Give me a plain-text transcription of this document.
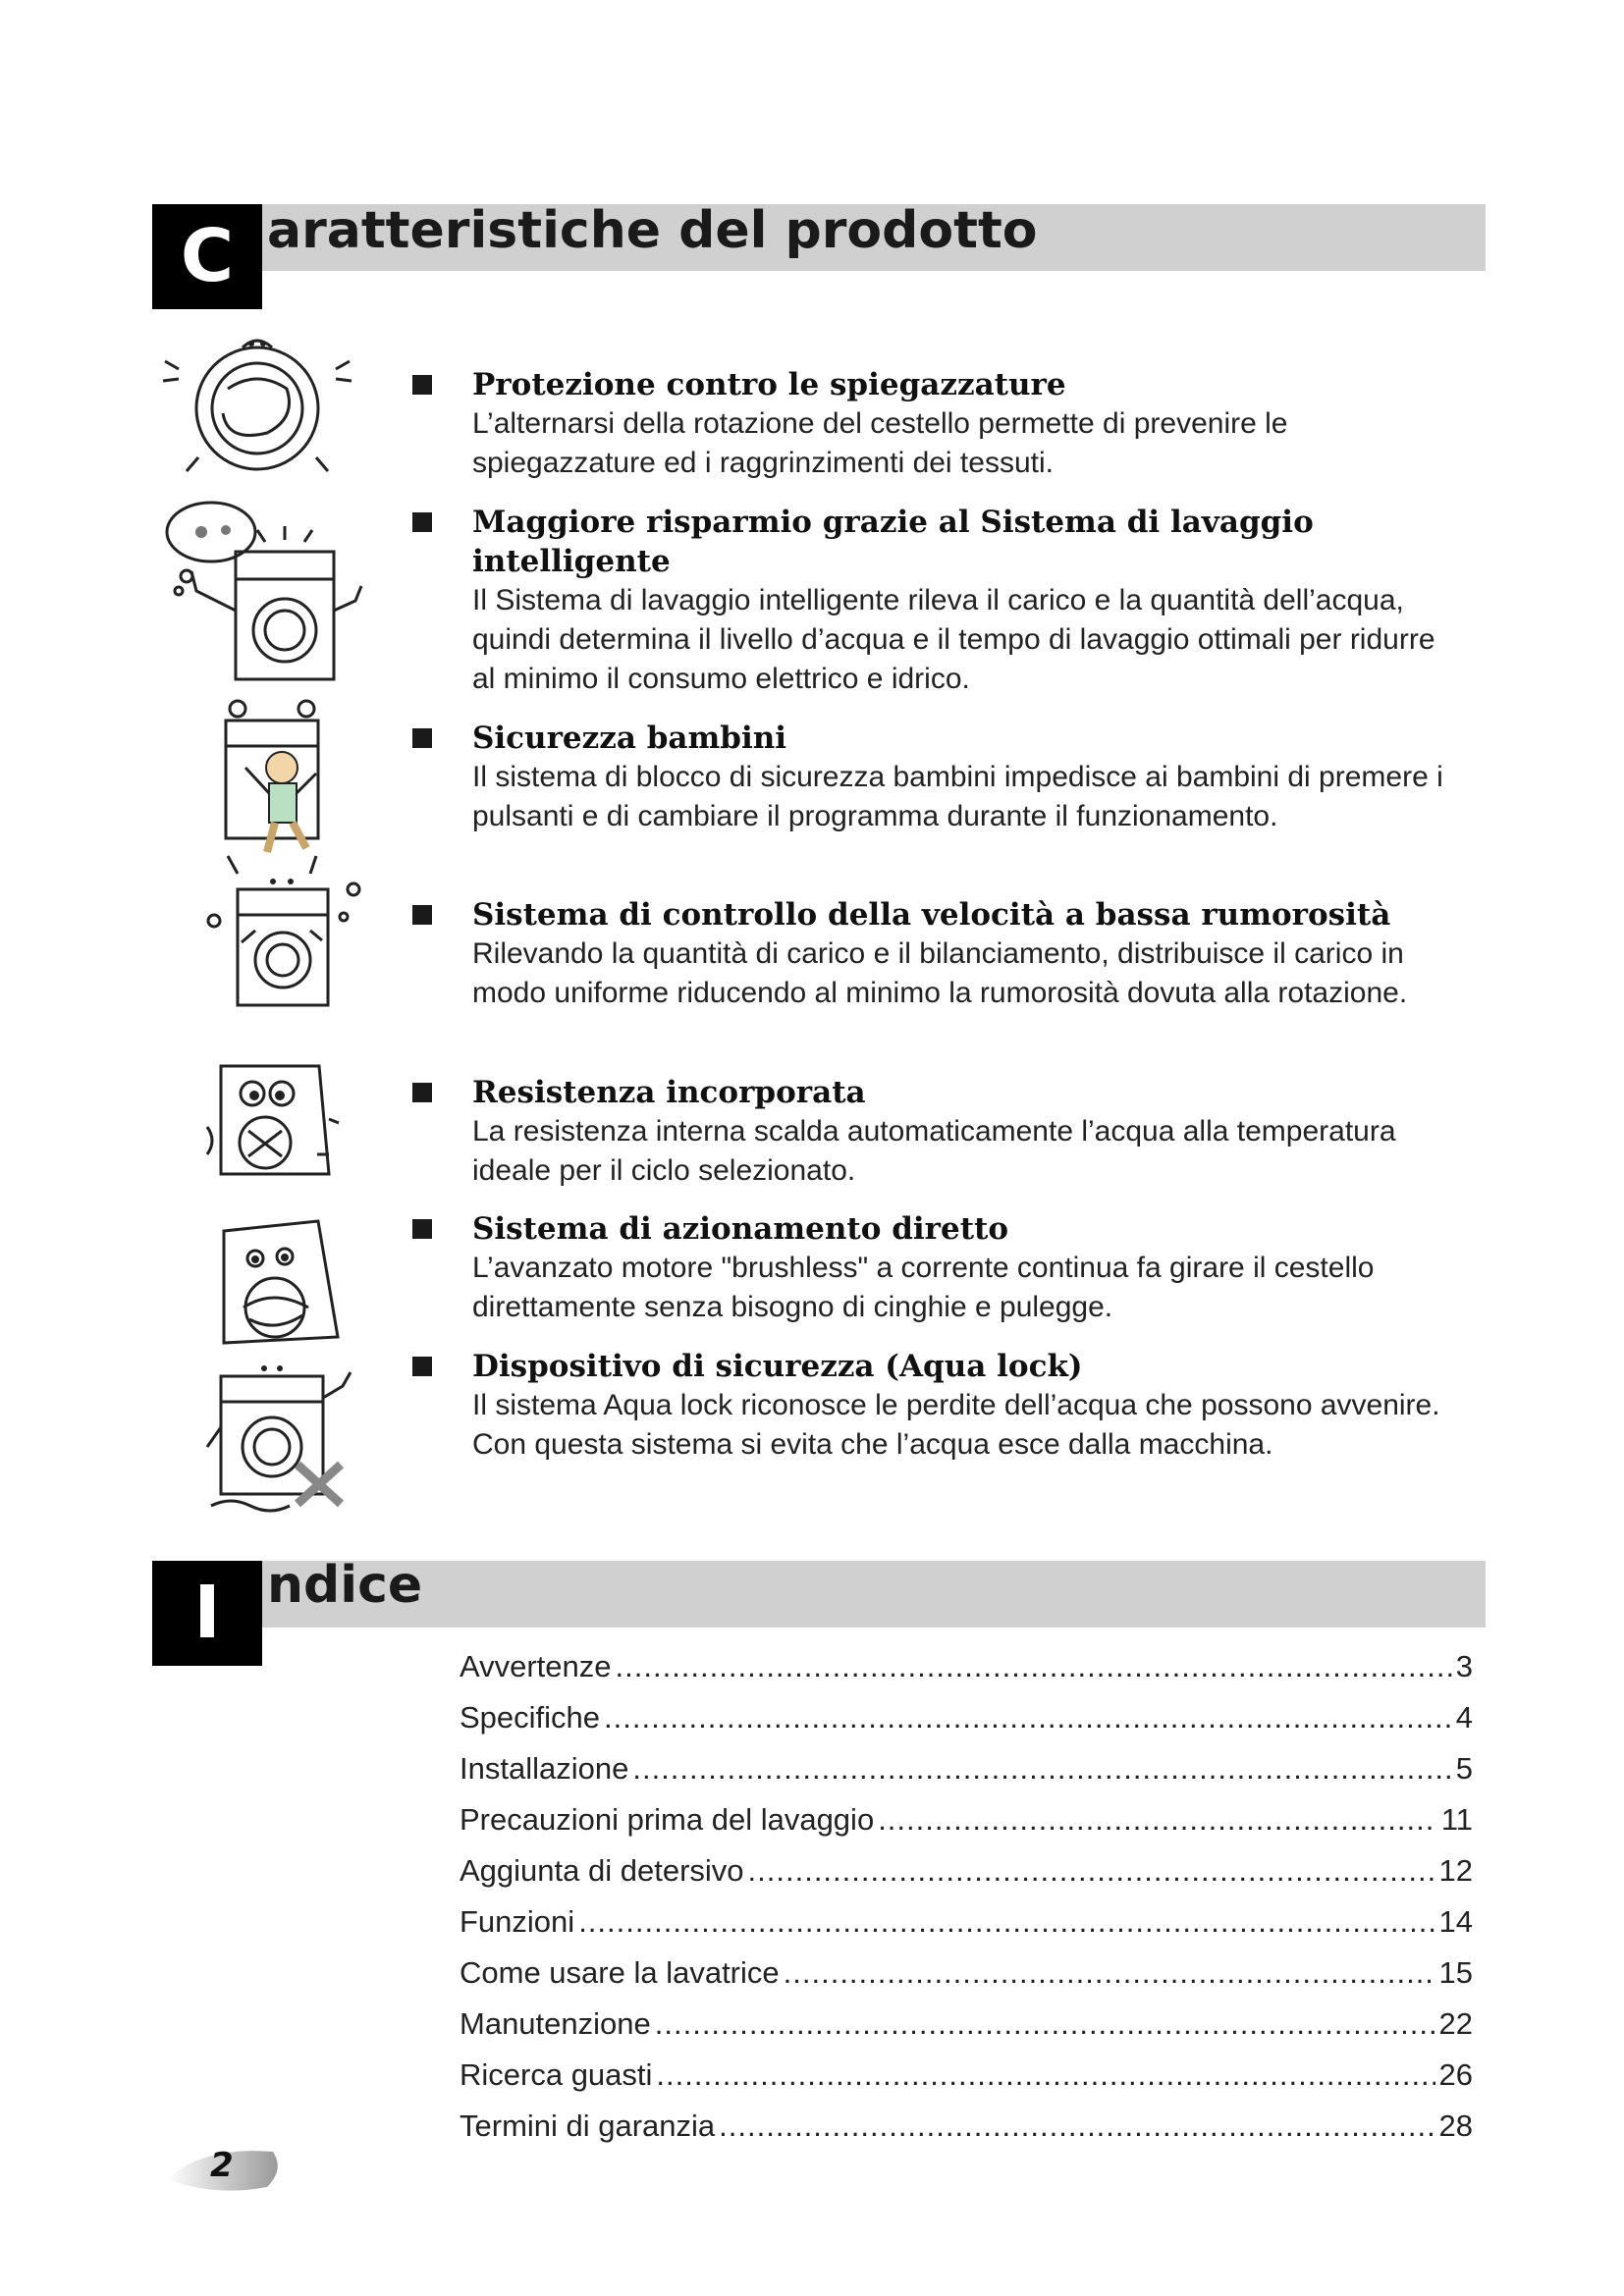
C aratteristiche del prodotto
Protezione contro le spiegazzature
L’alternarsi della rotazione del cestello permette di prevenire le spiegazzature ed i raggrinzimenti dei tessuti.
Maggiore risparmio grazie al Sistema di lavaggio intelligente
Il Sistema di lavaggio intelligente rileva il carico e la quantità dell’acqua, quindi determina il livello d’acqua e il tempo di lavaggio ottimali per ridurre al minimo il consumo elettrico e idrico.
Sicurezza bambini
Il sistema di blocco di sicurezza bambini impedisce ai bambini di premere i pulsanti e di cambiare il programma durante il funzionamento.
Sistema di controllo della velocità a bassa rumorosità
Rilevando la quantità di carico e il bilanciamento, distribuisce il carico in modo uniforme riducendo al minimo la rumorosità dovuta alla rotazione.
Resistenza incorporata
La resistenza interna scalda automaticamente l’acqua alla temperatura ideale per il ciclo selezionato.
Sistema di azionamento diretto
L’avanzato motore "brushless" a corrente continua fa girare il cestello direttamente senza bisogno di cinghie e pulegge.
Dispositivo di sicurezza (Aqua lock)
Il sistema Aqua lock riconosce le perdite dell’acqua che possono avvenire. Con questa sistema si evita che l’acqua esce dalla macchina.
I ndice
Avvertenze .....	3
Specifiche .....	4
Installazione .....	5
Precauzioni prima del lavaggio .....	11
Aggiunta di detersivo .....	12
Funzioni .....	14
Come usare la lavatrice .....	15
Manutenzione .....	22
Ricerca guasti .....	26
Termini di garanzia .....	28
2
